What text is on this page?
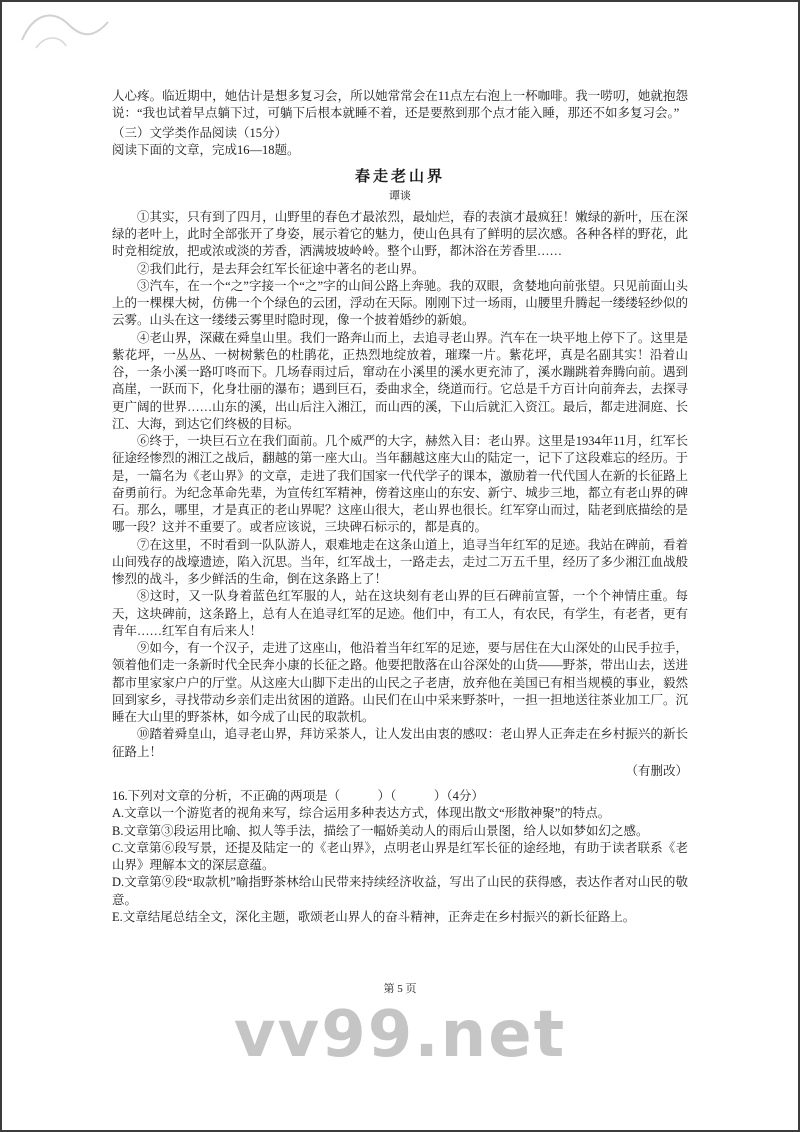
人心疼。临近期中，她估计是想多复习会，所以她常常会在11点左右泡上一杯咖啡。我一唠叨，她就抱怨说：“我也试着早点躺下过，可躺下后根本就睡不着，还是要熬到那个点才能入睡，那还不如多复习会。”

（三）文学类作品阅读（15分）

阅读下面的文章，完成16—18题。

春走老山界

谭谈

①其实，只有到了四月，山野里的春色才最浓烈，最灿烂，春的表演才最疯狂！嫩绿的新叶，压在深绿的老叶上，此时全部张开了身姿，展示着它的魅力，使山色具有了鲜明的层次感。各种各样的野花，此时竞相绽放，把或浓或淡的芳香，洒满坡坡岭岭。整个山野，都沐浴在芳香里……

②我们此行，是去拜会红军长征途中著名的老山界。

③汽车，在一个“之”字接一个“之”字的山间公路上奔驰。我的双眼，贪婪地向前张望。只见前面山头上的一棵棵大树，仿佛一个个绿色的云团，浮动在天际。刚刚下过一场雨，山腰里升腾起一缕缕轻纱似的云雾。山头在这一缕缕云雾里时隐时现，像一个披着婚纱的新娘。

④老山界，深藏在舜皇山里。我们一路奔山而上，去追寻老山界。汽车在一块平地上停下了。这里是紫花坪，一丛丛、一树树紫色的杜鹃花，正热烈地绽放着，璀璨一片。紫花坪，真是名副其实！沿着山谷，一条小溪一路叮咚而下。几场春雨过后，窜动在小溪里的溪水更充沛了，溪水蹦跳着奔腾向前。遇到高崖，一跃而下，化身壮丽的瀑布；遇到巨石，委曲求全，绕道而行。它总是千方百计向前奔去，去探寻更广阔的世界……山东的溪，出山后注入湘江，而山西的溪，下山后就汇入资江。最后，都走进洞庭、长江、大海，到达它们终极的目标。

⑥终于，一块巨石立在我们面前。几个威严的大字，赫然入目：老山界。这里是1934年11月，红军长征途经惨烈的湘江之战后，翻越的第一座大山。当年翻越这座大山的陆定一，记下了这段难忘的经历。于是，一篇名为《老山界》的文章，走进了我们国家一代代学子的课本，激励着一代代国人在新的长征路上奋勇前行。为纪念革命先辈，为宣传红军精神，傍着这座山的东安、新宁、城步三地，都立有老山界的碑石。那么，哪里，才是真正的老山界呢？这座山很大，老山界也很长。红军穿山而过，陆老到底描绘的是哪一段？这并不重要了。或者应该说，三块碑石标示的，都是真的。

⑦在这里，不时看到一队队游人，艰难地走在这条山道上，追寻当年红军的足迹。我站在碑前，看着山间残存的战壕遗迹，陷入沉思。当年，红军战士，一路走去，走过二万五千里，经历了多少湘江血战般惨烈的战斗，多少鲜活的生命，倒在这条路上了！

⑧这时，又一队身着蓝色红军服的人，站在这块刻有老山界的巨石碑前宣誓，一个个神情庄重。每天，这块碑前，这条路上，总有人在追寻红军的足迹。他们中，有工人，有农民，有学生，有老者，更有青年……红军自有后来人！

⑨如今，有一个汉子，走进了这座山，他沿着当年红军的足迹，要与居住在大山深处的山民手拉手，领着他们走一条新时代全民奔小康的长征之路。他要把散落在山谷深处的山货——野茶，带出山去，送进都市里家家户户的厅堂。从这座大山脚下走出的山民之子老唐，放弃他在美国已有相当规模的事业，毅然回到家乡，寻找带动乡亲们走出贫困的道路。山民们在山中采来野茶叶，一担一担地送往茶业加工厂。沉睡在大山里的野茶林，如今成了山民的取款机。

⑩踏着舜皇山，追寻老山界，拜访采茶人，让人发出由衷的感叹：老山界人正奔走在乡村振兴的新长征路上！

（有删改）

16.下列对文章的分析，不正确的两项是（　　　）（　　　）（4分）

A.文章以一个游览者的视角来写，综合运用多种表达方式，体现出散文“形散神聚”的特点。

B.文章第③段运用比喻、拟人等手法，描绘了一幅娇美动人的雨后山景图，给人以如梦如幻之感。

C.文章第⑥段写景，还提及陆定一的《老山界》，点明老山界是红军长征的途经地，有助于读者联系《老山界》理解本文的深层意蕴。

D.文章第⑨段“取款机”喻指野茶林给山民带来持续经济收益，写出了山民的获得感，表达作者对山民的敬意。

E.文章结尾总结全文，深化主题，歌颂老山界人的奋斗精神，正奔走在乡村振兴的新长征路上。

第 5 页
vv99.net
